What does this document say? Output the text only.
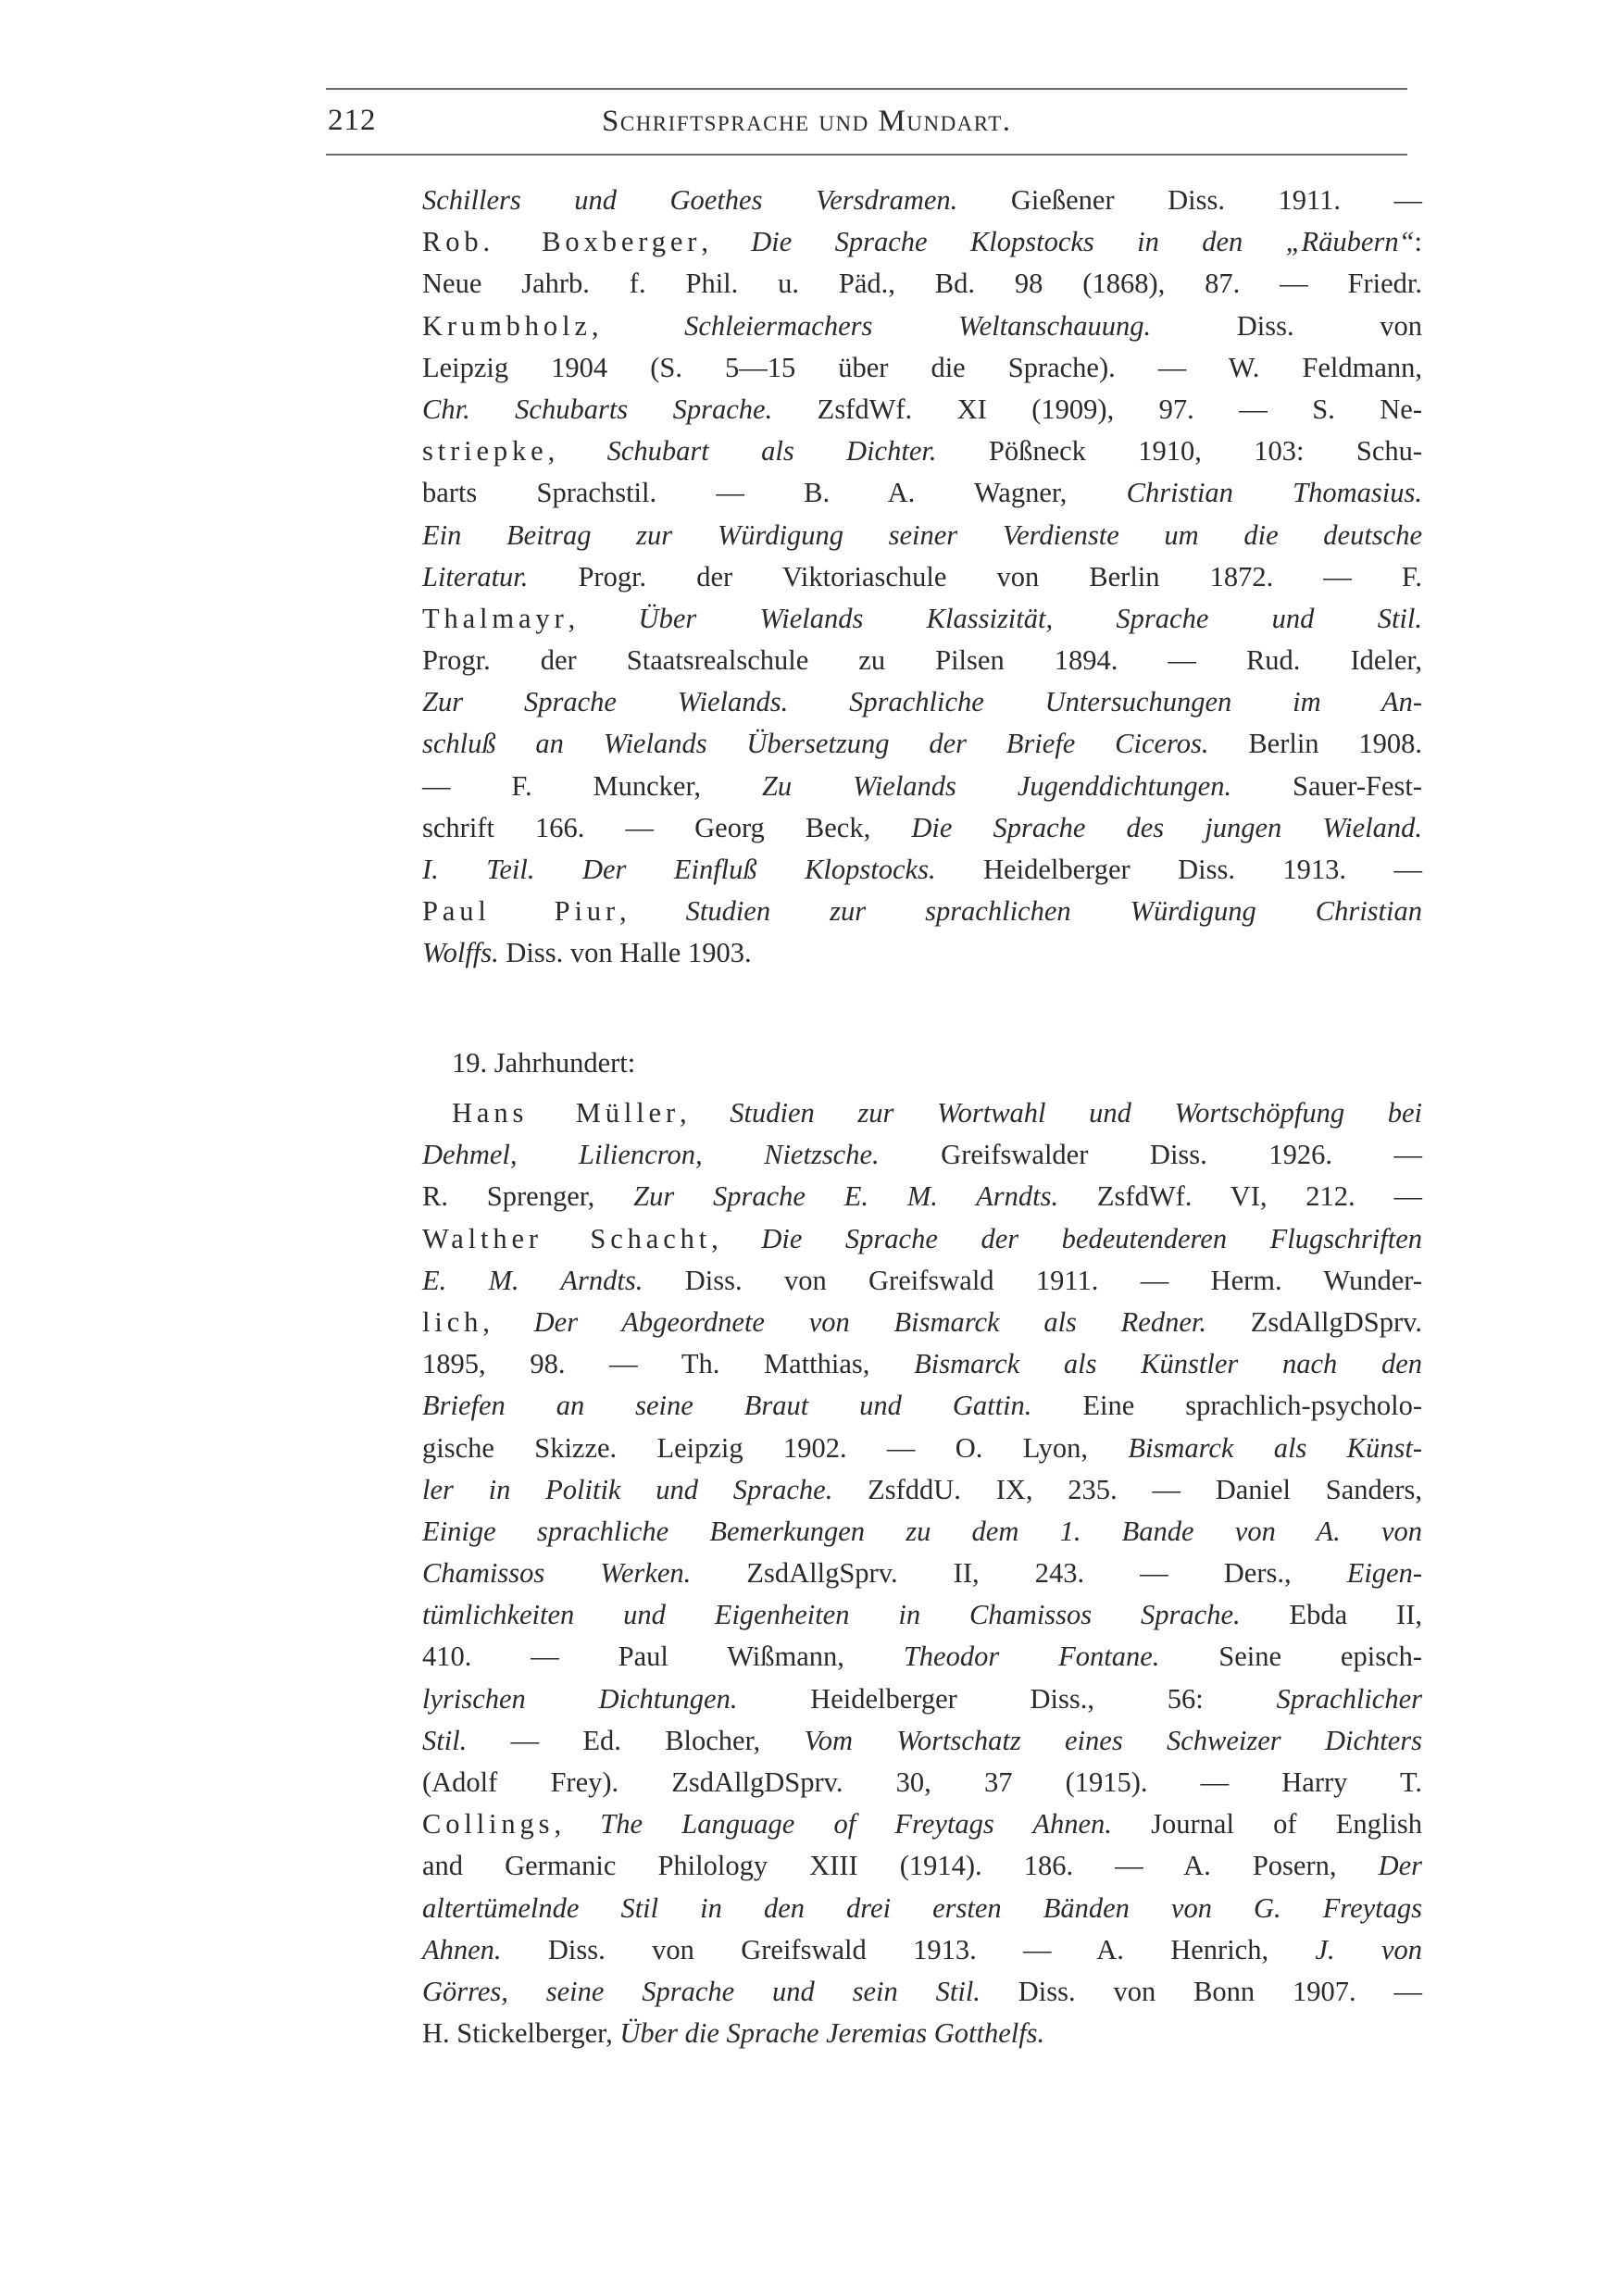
212	Schriftsprache und Mundart.
Schillers und Goethes Versdramen. Gießener Diss. 1911. —
Rob. Boxberger, Die Sprache Klopstocks in den „Räubern“:
Neue Jahrb. f. Phil. u. Päd., Bd. 98 (1868), 87. — Friedr.
Krumbholz, Schleiermachers Weltanschauung. Diss. von
Leipzig 1904 (S. 5—15 über die Sprache). — W. Feldmann,
Chr. Schubarts Sprache. ZsfdWf. XI (1909), 97. — S. Ne-
striepke, Schubart als Dichter. Pößneck 1910, 103: Schu-
barts Sprachstil. — B. A. Wagner, Christian Thomasius.
Ein Beitrag zur Würdigung seiner Verdienste um die deutsche
Literatur. Progr. der Viktoriaschule von Berlin 1872. — F.
Thalmayr, Über Wielands Klassizität, Sprache und Stil.
Progr. der Staatsrealschule zu Pilsen 1894. — Rud. Ideler,
Zur Sprache Wielands. Sprachliche Untersuchungen im An-
schluß an Wielands Übersetzung der Briefe Ciceros. Berlin 1908.
— F. Muncker, Zu Wielands Jugenddichtungen. Sauer-Fest-
schrift 166. — Georg Beck, Die Sprache des jungen Wieland.
I. Teil. Der Einfluß Klopstocks. Heidelberger Diss. 1913. —
Paul Piur, Studien zur sprachlichen Würdigung Christian
Wolffs. Diss. von Halle 1903.
19. Jahrhundert:
Hans Müller, Studien zur Wortwahl und Wortschöpfung bei
Dehmel, Liliencron, Nietzsche. Greifswalder Diss. 1926. —
R. Sprenger, Zur Sprache E. M. Arndts. ZsfdWf. VI, 212. —
Walther Schacht, Die Sprache der bedeutenderen Flugschriften
E. M. Arndts. Diss. von Greifswald 1911. — Herm. Wunder-
lich, Der Abgeordnete von Bismarck als Redner. ZsdAllgDSprv.
1895, 98. — Th. Matthias, Bismarck als Künstler nach den
Briefen an seine Braut und Gattin. Eine sprachlich-psycholo-
gische Skizze. Leipzig 1902. — O. Lyon, Bismarck als Künst-
ler in Politik und Sprache. ZsfddU. IX, 235. — Daniel Sanders,
Einige sprachliche Bemerkungen zu dem 1. Bande von A. von
Chamissos Werken. ZsdAllgSprv. II, 243. — Ders., Eigen-
tümlichkeiten und Eigenheiten in Chamissos Sprache. Ebda II,
410. — Paul Wißmann, Theodor Fontane. Seine episch-
lyrischen Dichtungen. Heidelberger Diss., 56: Sprachlicher
Stil. — Ed. Blocher, Vom Wortschatz eines Schweizer Dichters
(Adolf Frey). ZsdAllgDSprv. 30, 37 (1915). — Harry T.
Collings, The Language of Freytags Ahnen. Journal of English
and Germanic Philology XIII (1914). 186. — A. Posern, Der
altertümelnde Stil in den drei ersten Bänden von G. Freytags
Ahnen. Diss. von Greifswald 1913. — A. Henrich, J. von
Görres, seine Sprache und sein Stil. Diss. von Bonn 1907. —
H. Stickelberger, Über die Sprache Jeremias Gotthelfs.
